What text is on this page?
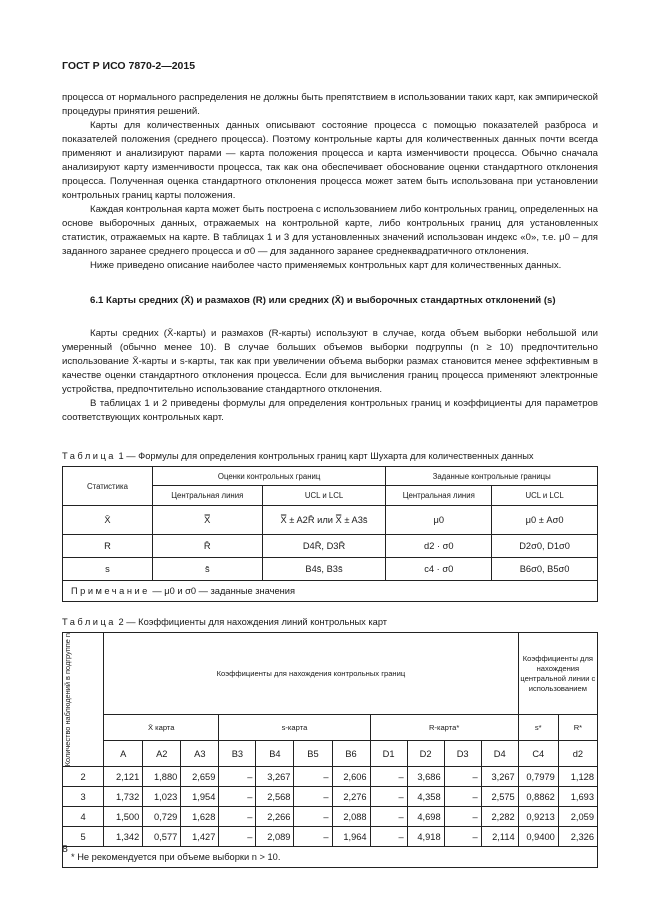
ГОСТ Р ИСО 7870-2—2015

процесса от нормального распределения не должны быть препятствием в использовании таких карт, как эмпирической процедуры принятия решений.

Карты для количественных данных описывают состояние процесса с помощью показателей разброса и показателей положения (среднего процесса). Поэтому контрольные карты для количественных данных почти всегда применяют и анализируют парами — карта положения процесса и карта изменчивости процесса. Обычно сначала анализируют карту изменчивости процесса, так как она обеспечивает обоснование оценки стандартного отклонения процесса. Полученная оценка стандартного отклонения процесса может затем быть использована при установлении контрольных границ карты положения.

Каждая контрольная карта может быть построена с использованием либо контрольных границ, определенных на основе выборочных данных, отражаемых на контрольной карте, либо контрольных границ для установленных статистик, отражаемых на карте. В таблицах 1 и 3 для установленных значений использован индекс «0», т.е. μ0 – для заданного заранее среднего процесса и σ0 — для заданного заранее среднеквадратичного отклонения.

Ниже приведено описание наиболее часто применяемых контрольных карт для количественных данных.

6.1 Карты средних (X̄) и размахов (R) или средних (X̄) и выборочных стандартных отклонений (s)

Карты средних (X̄-карты) и размахов (R-карты) используют в случае, когда объем выборки небольшой или умеренный (обычно менее 10). В случае больших объемов выборки подгруппы (n ≥ 10) предпочтительно использование X̄-карты и s-карты, так как при увеличении объема выборки размах становится менее эффективным в качестве оценки стандартного отклонения процесса. Если для вычисления границ процесса применяют электронные устройства, предпочтительно использование стандартного отклонения.

В таблицах 1 и 2 приведены формулы для определения контрольных границ и коэффициенты для параметров соответствующих контрольных карт.

Таблица 1 — Формулы для определения контрольных границ карт Шухарта для количественных данных
Статистика	Оценки контрольных границ		Заданные контрольные границы	
	Центральная линия	UCL и LCL	Центральная линия	UCL и LCL
X̄	X̿	X̿ ± A2R̄ или X̿ ± A3s̄	μ0	μ0 ± Aσ0
R	R̄	D4R̄, D3R̄	d2 · σ0	D2σ0, D1σ0
s	s̄	B4s̄, B3s̄	c4 · σ0	B6σ0, B5σ0
Примечание — μ0 и σ0 — заданные значения				
Таблица 2 — Коэффициенты для нахождения линий контрольных карт
Количество наблюдений в подгруппе n	Коэффициенты для нахождения контрольных границ											Коэффициенты для нахождения центральной линии с использованием	
	X̄ карта			s-карта				R-карта*				s*	R*
	A	A2	A3	B3	B4	B5	B6	D1	D2	D3	D4	C4	d2
2	2,121	1,880	2,659	–	3,267	–	2,606	–	3,686	–	3,267	0,7979	1,128
3	1,732	1,023	1,954	–	2,568	–	2,276	–	4,358	–	2,575	0,8862	1,693
4	1,500	0,729	1,628	–	2,266	–	2,088	–	4,698	–	2,282	0,9213	2,059
5	1,342	0,577	1,427	–	2,089	–	1,964	–	4,918	–	2,114	0,9400	2,326
* Не рекомендуется при объеме выборки n > 10.													
8
